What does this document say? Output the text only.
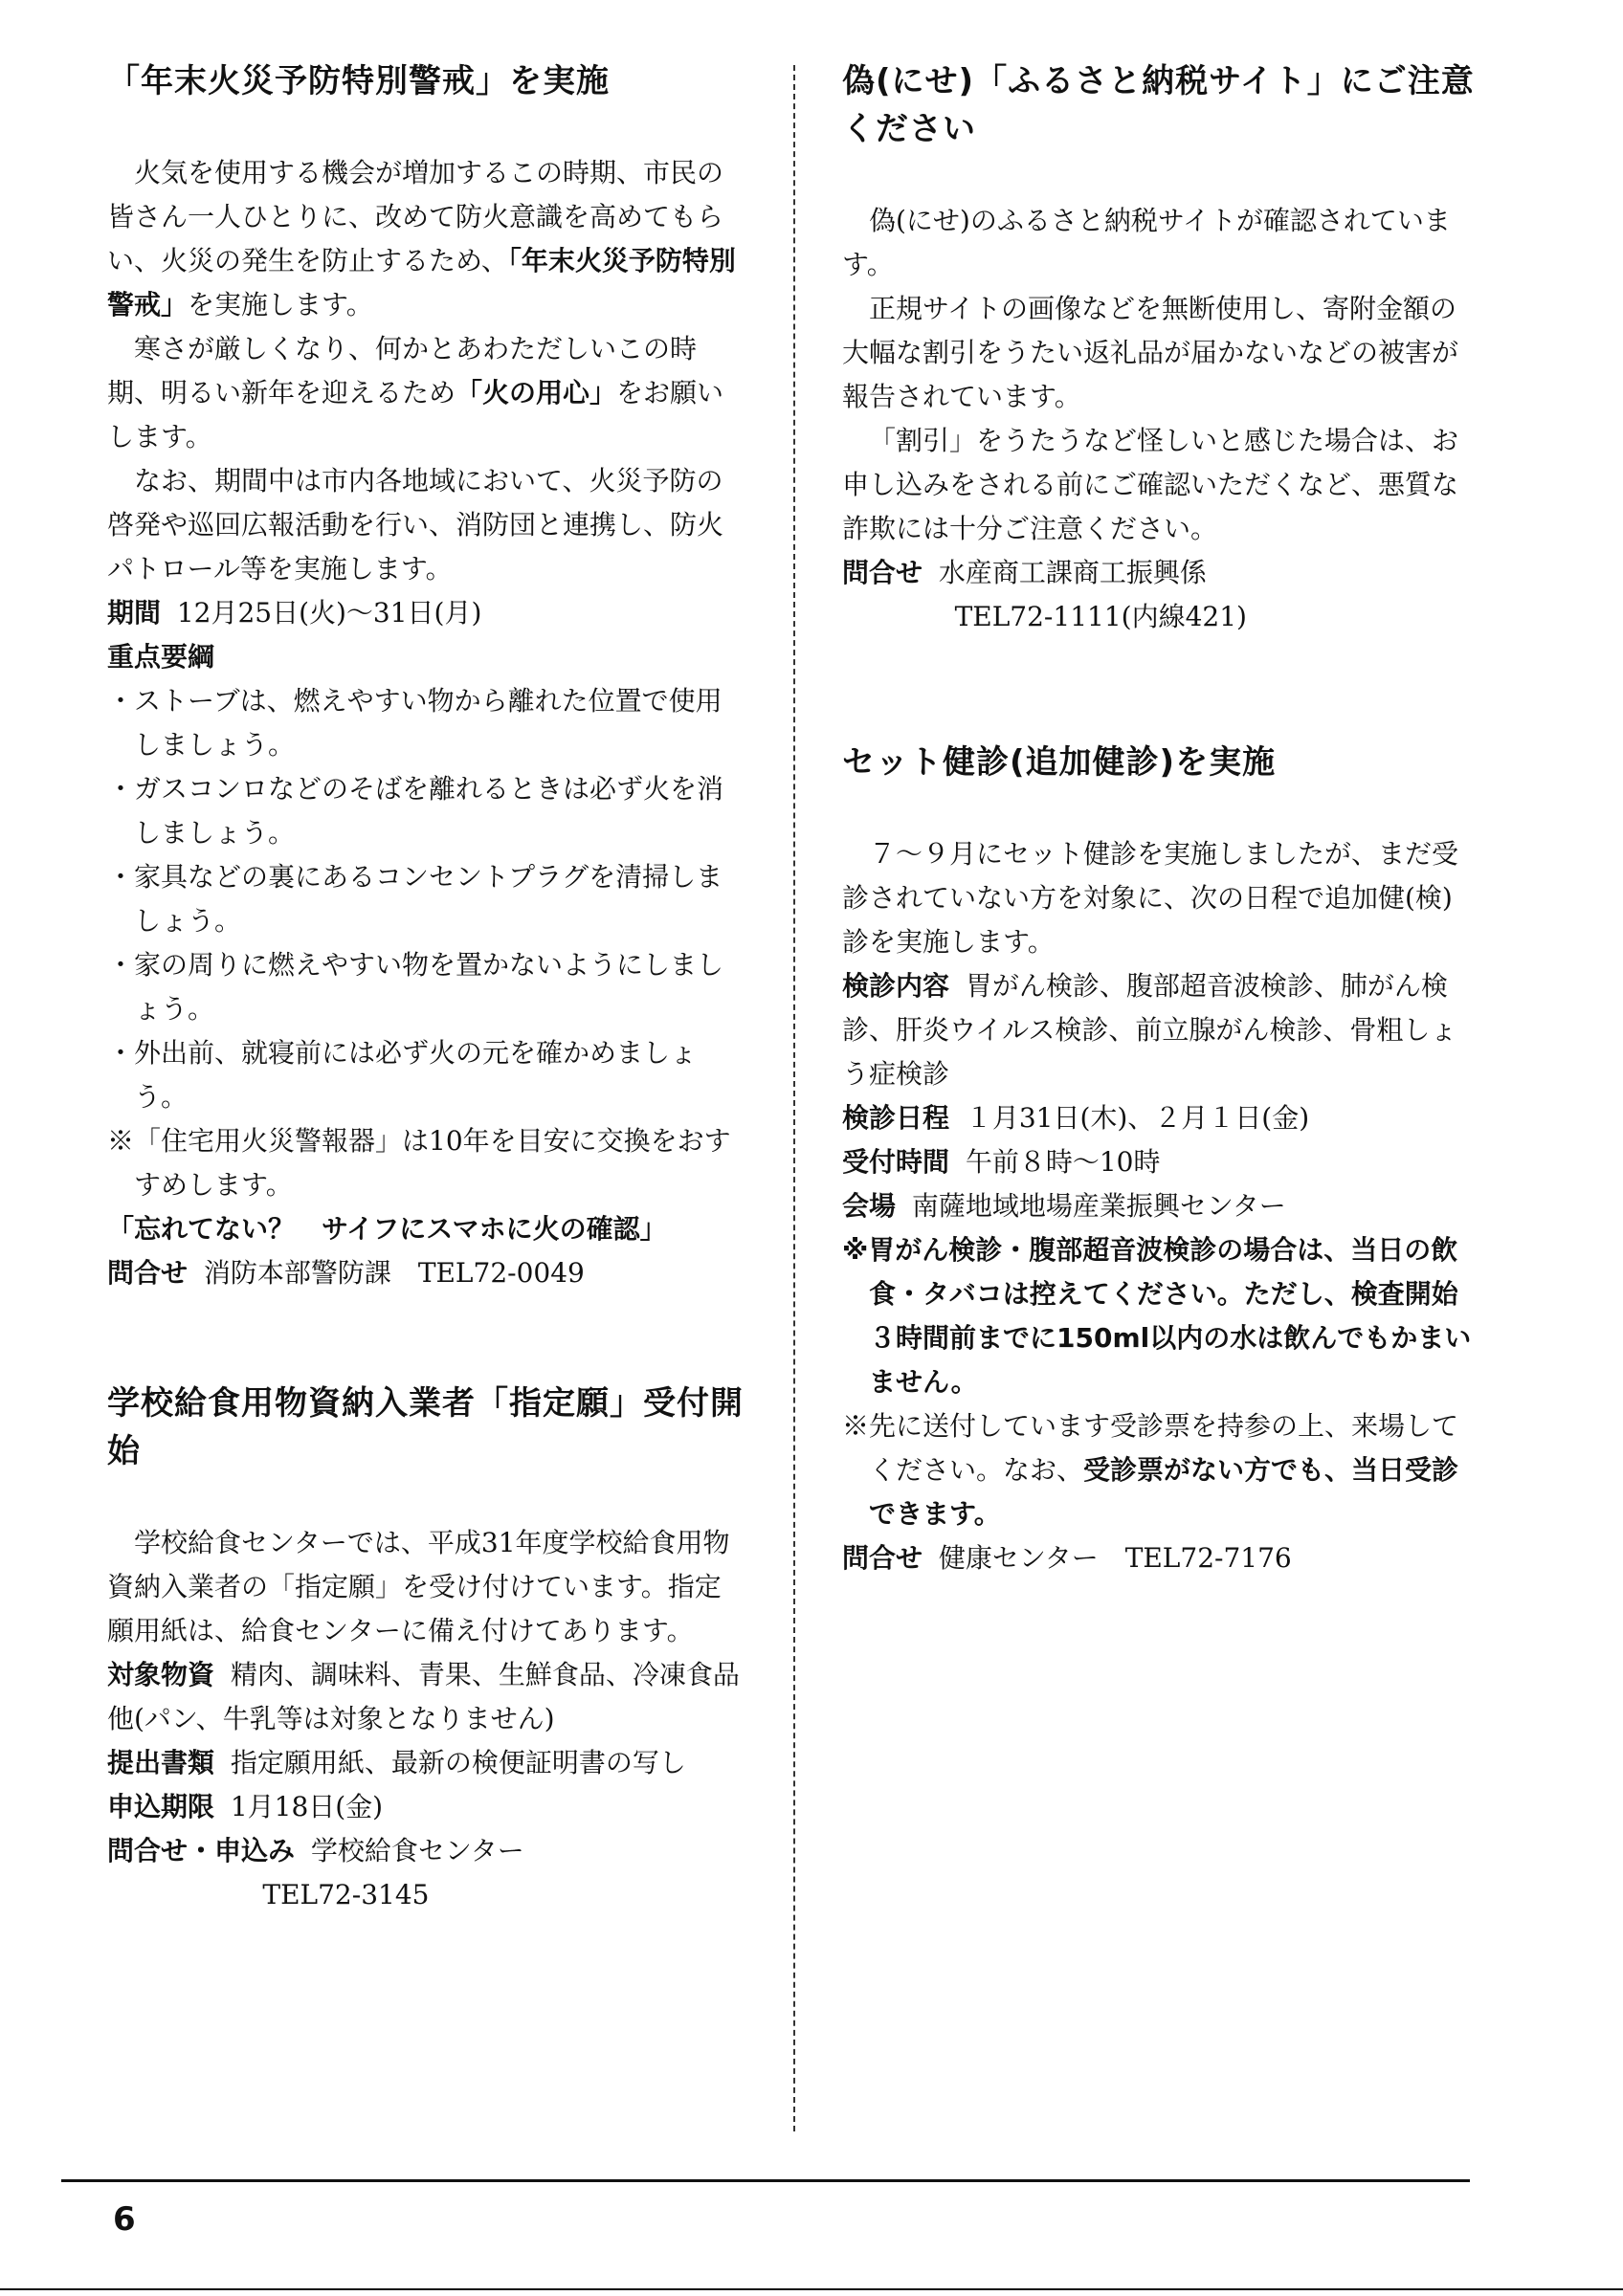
「年末火災予防特別警戒」を実施

火気を使用する機会が増加するこの時期、市民の皆さん一人ひとりに、改めて防火意識を高めてもらい、火災の発生を防止するため、「年末火災予防特別警戒」を実施します。

寒さが厳しくなり、何かとあわただしいこの時期、明るい新年を迎えるため「火の用心」をお願いします。

なお、期間中は市内各地域において、火災予防の啓発や巡回広報活動を行い、消防団と連携し、防火パトロール等を実施します。

期間 12月25日(火)～31日(月)

重点要綱

・ストーブは、燃えやすい物から離れた位置で使用しましょう。

・ガスコンロなどのそばを離れるときは必ず火を消しましょう。

・家具などの裏にあるコンセントプラグを清掃しましょう。

・家の周りに燃えやすい物を置かないようにしましょう。

・外出前、就寝前には必ず火の元を確かめましょう。

※「住宅用火災警報器」は10年を目安に交換をおすすめします。

「忘れてない？　サイフにスマホに火の確認」

問合せ 消防本部警防課　TEL72-0049

学校給食用物資納入業者「指定願」受付開始

学校給食センターでは、平成31年度学校給食用物資納入業者の「指定願」を受け付けています。指定願用紙は、給食センターに備え付けてあります。

対象物資 精肉、調味料、青果、生鮮食品、冷凍食品他(パン、牛乳等は対象となりません)

提出書類 指定願用紙、最新の検便証明書の写し

申込期限 1月18日(金)

問合せ・申込み 学校給食センター

TEL72-3145

偽(にせ)「ふるさと納税サイト」にご注意ください

偽(にせ)のふるさと納税サイトが確認されています。

正規サイトの画像などを無断使用し、寄附金額の大幅な割引をうたい返礼品が届かないなどの被害が報告されています。

「割引」をうたうなど怪しいと感じた場合は、お申し込みをされる前にご確認いただくなど、悪質な詐欺には十分ご注意ください。

問合せ 水産商工課商工振興係

TEL72-1111(内線421)

セット健診(追加健診)を実施

７～９月にセット健診を実施しましたが、まだ受診されていない方を対象に、次の日程で追加健(検)診を実施します。

検診内容 胃がん検診、腹部超音波検診、肺がん検診、肝炎ウイルス検診、前立腺がん検診、骨粗しょう症検診

検診日程 １月31日(木)、２月１日(金)

受付時間 午前８時～10時

会場 南薩地域地場産業振興センター

※胃がん検診・腹部超音波検診の場合は、当日の飲食・タバコは控えてください。ただし、検査開始３時間前までに150ml以内の水は飲んでもかまいません。

※先に送付しています受診票を持参の上、来場してください。なお、受診票がない方でも、当日受診できます。

問合せ 健康センター　TEL72-7176

6
